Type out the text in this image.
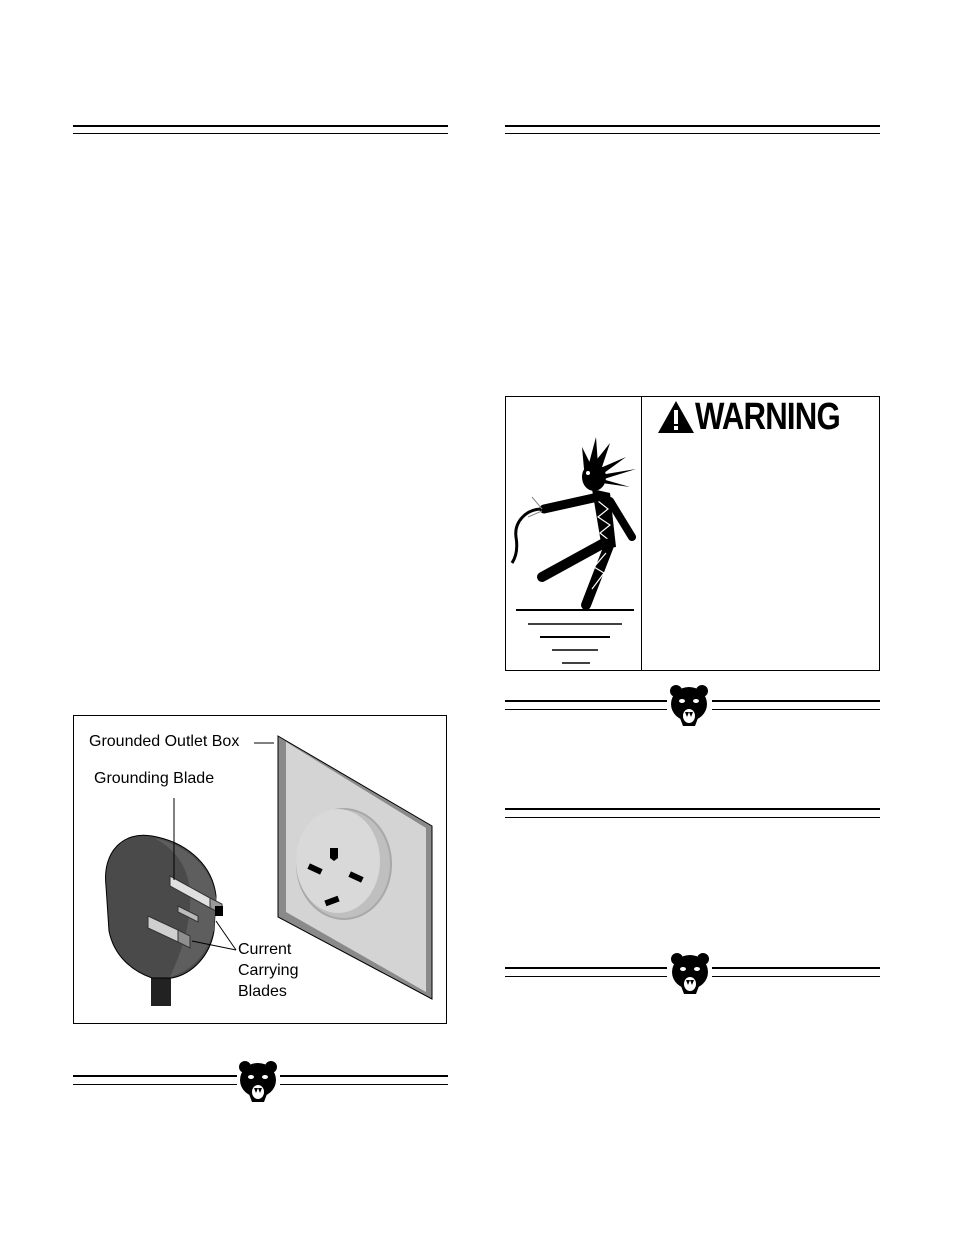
Grounded Outlet Box
Grounding Blade
Current
Carrying
Blades
WARNING
